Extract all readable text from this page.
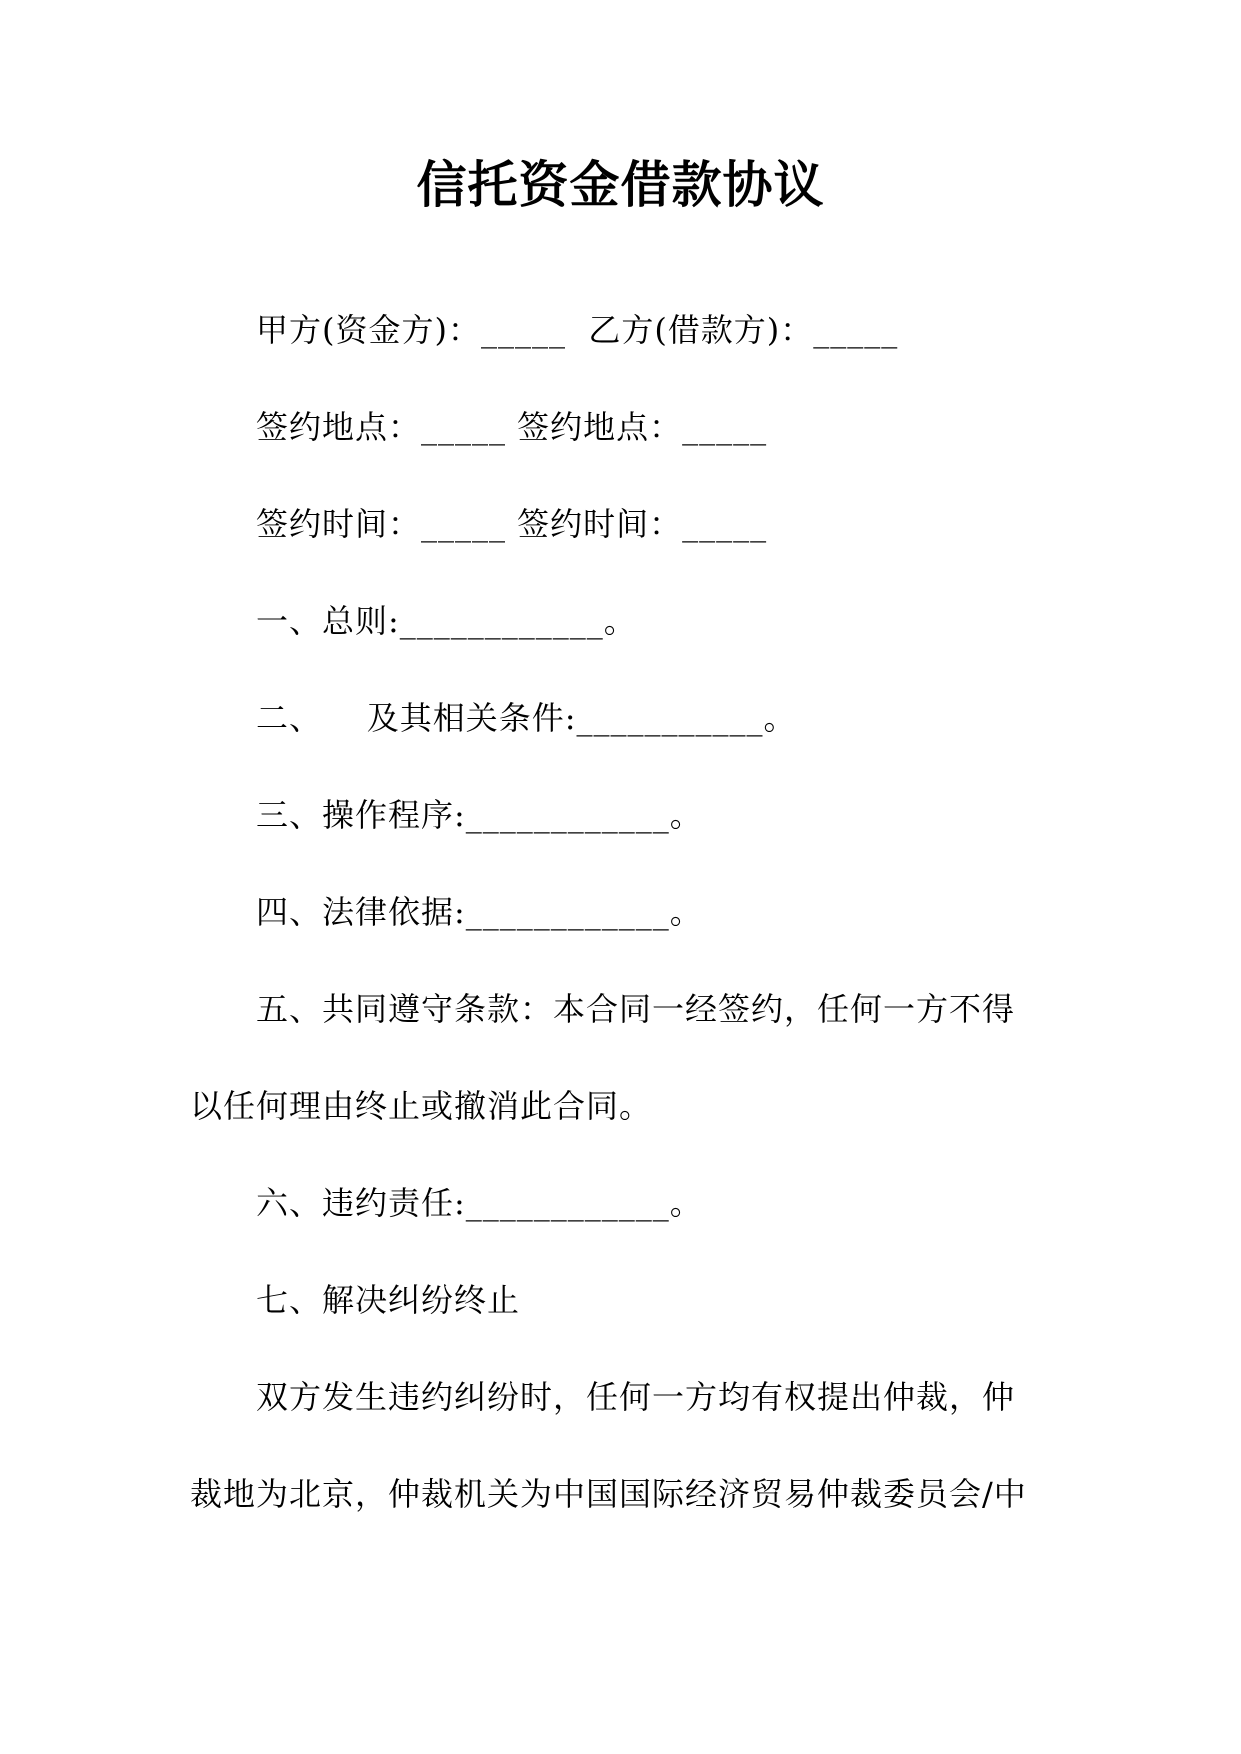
信托资金借款协议
甲方(资金方)：_____  乙方(借款方)：_____
签约地点：_____ 签约地点：_____
签约时间：_____ 签约时间：_____
一、总则:____________。
二、    及其相关条件:___________。
三、操作程序:____________。
四、法律依据:____________。
五、共同遵守条款：本合同一经签约，任何一方不得
以任何理由终止或撤消此合同。
六、违约责任:____________。
七、解决纠纷终止
双方发生违约纠纷时，任何一方均有权提出仲裁，仲
裁地为北京，仲裁机关为中国国际经济贸易仲裁委员会/中
